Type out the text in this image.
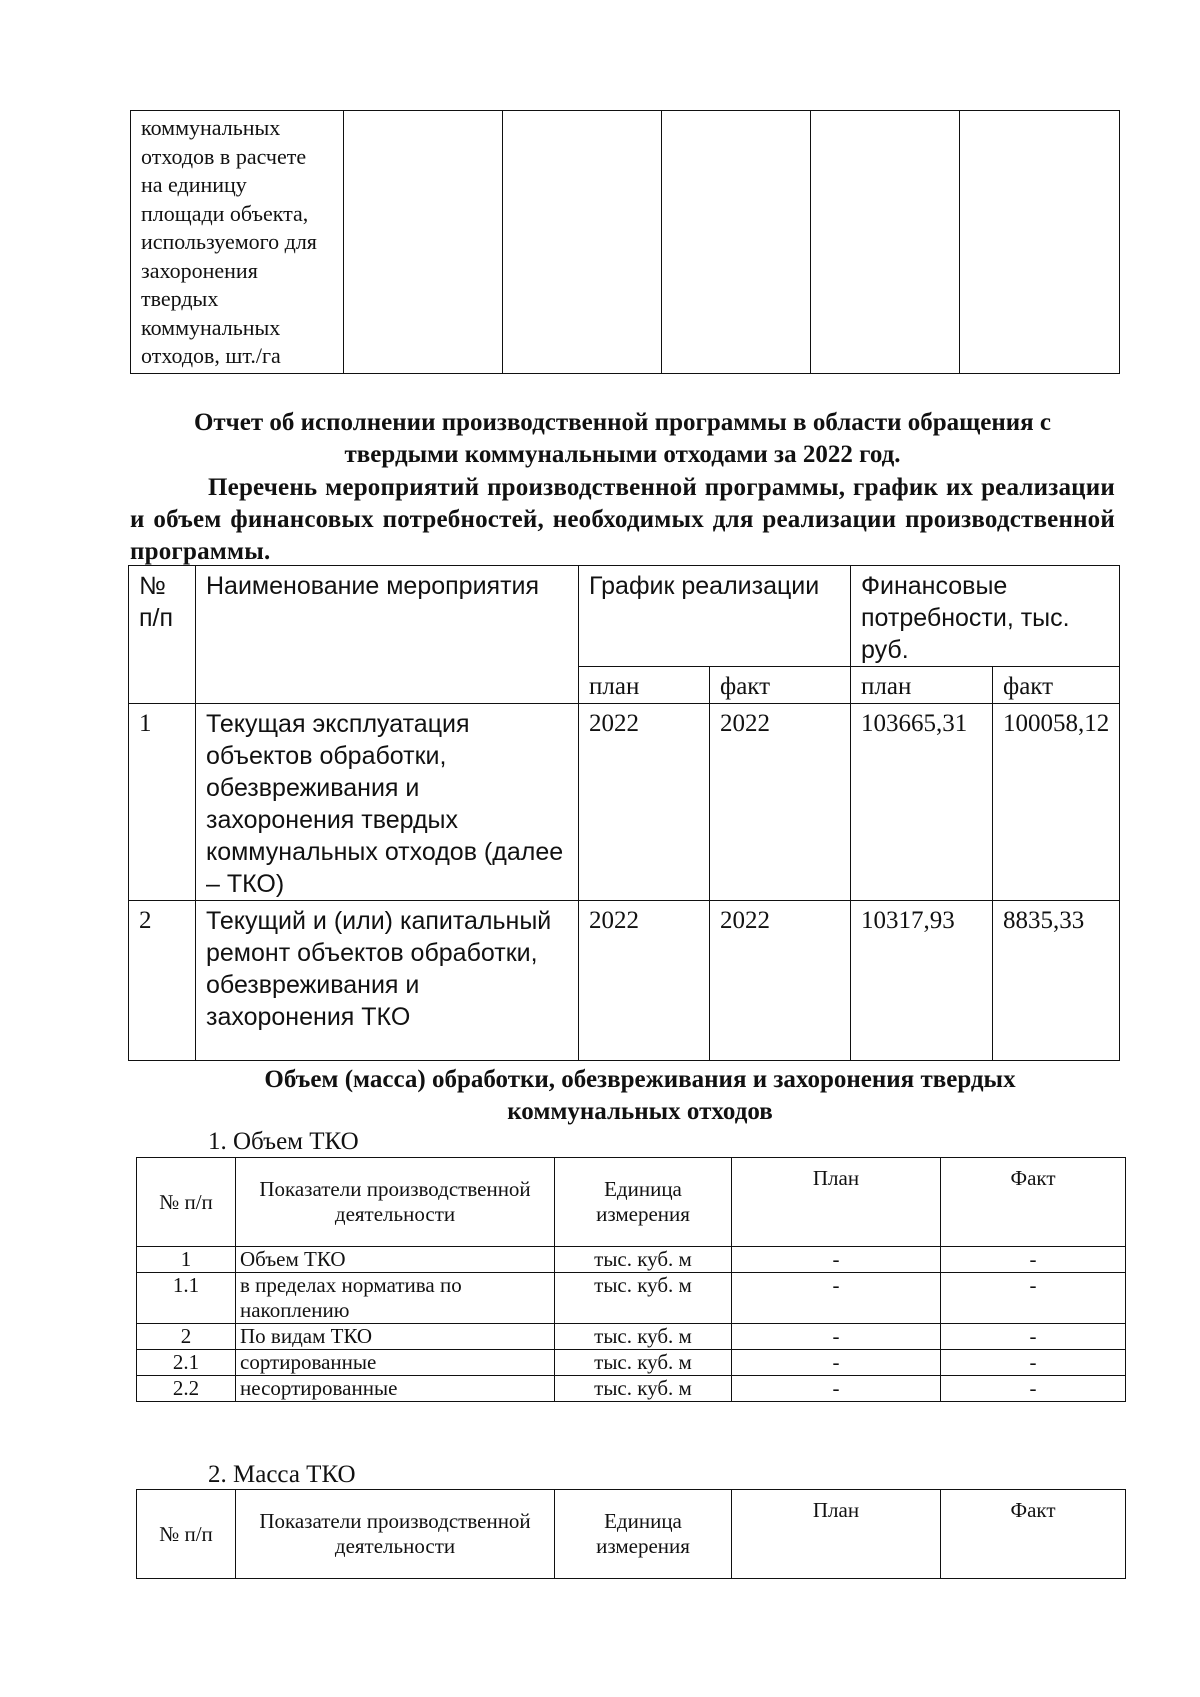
коммунальных
отходов в расчете
на единицу
площади объекта,
используемого для
захоронения
твердых
коммунальных
отходов, шт./га

Отчет об исполнении производственной программы в области обращения с
твердыми коммунальными отходами за 2022 год.
Перечень мероприятий производственной программы, график их реализации и объем финансовых потребностей, необходимых для реализации производственной программы.
№ п/п	Наименование мероприятия	График реализации		Финансовые потребности, тыс. руб.	
		план	факт	план	факт
1	Текущая эксплуатация объектов обработки, обезвреживания и захоронения твердых коммунальных отходов (далее – ТКО)	2022	2022	103665,31	100058,12
2	Текущий и (или) капитальный ремонт объектов обработки, обезвреживания и захоронения ТКО	2022	2022	10317,93	8835,33
Объем (масса) обработки, обезвреживания и захоронения твердых
коммунальных отходов
1. Объем ТКО
№ п/п	Показатели производственной деятельности	Единица измерения	План	Факт
1	Объем ТКО	тыс. куб. м	-	-
1.1	в пределах норматива по накоплению	тыс. куб. м	-	-
2	По видам ТКО	тыс. куб. м	-	-
2.1	сортированные	тыс. куб. м	-	-
2.2	несортированные	тыс. куб. м	-	-
2. Масса ТКО
№ п/п	Показатели производственной деятельности	Единица измерения	План	Факт
